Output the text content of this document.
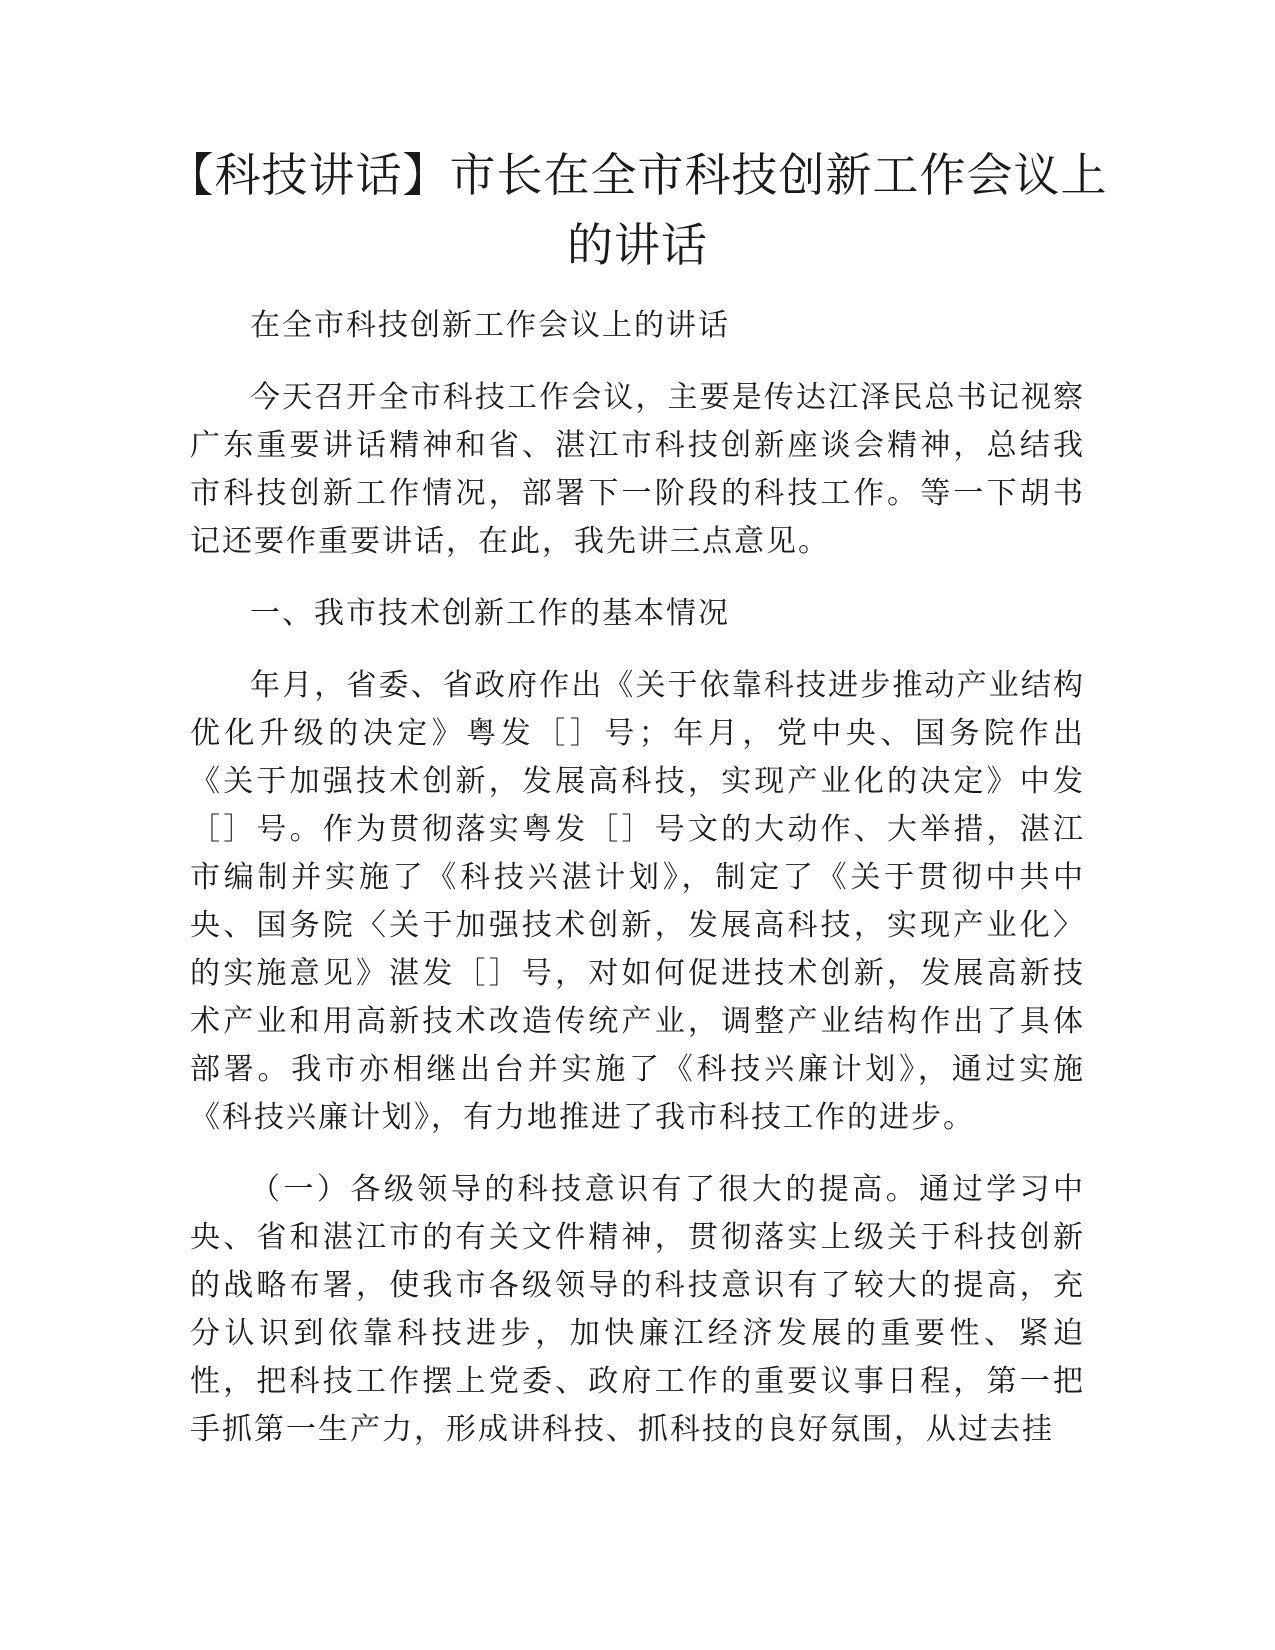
【科技讲话】市长在全市科技创新工作会议上的讲话

在全市科技创新工作会议上的讲话

今天召开全市科技工作会议，主要是传达江泽民总书记视察广东重要讲话精神和省、湛江市科技创新座谈会精神，总结我市科技创新工作情况，部署下一阶段的科技工作。等一下胡书记还要作重要讲话，在此，我先讲三点意见。

一、我市技术创新工作的基本情况

年月，省委、省政府作出《关于依靠科技进步推动产业结构优化升级的决定》粤发［］号；年月，党中央、国务院作出《关于加强技术创新，发展高科技，实现产业化的决定》中发［］号。作为贯彻落实粤发［］号文的大动作、大举措，湛江市编制并实施了《科技兴湛计划》，制定了《关于贯彻中共中央、国务院〈关于加强技术创新，发展高科技，实现产业化〉的实施意见》湛发［］号，对如何促进技术创新，发展高新技术产业和用高新技术改造传统产业，调整产业结构作出了具体部署。我市亦相继出台并实施了《科技兴廉计划》，通过实施《科技兴廉计划》，有力地推进了我市科技工作的进步。

（一）各级领导的科技意识有了很大的提高。通过学习中央、省和湛江市的有关文件精神，贯彻落实上级关于科技创新的战略布署，使我市各级领导的科技意识有了较大的提高，充分认识到依靠科技进步，加快廉江经济发展的重要性、紧迫性，把科技工作摆上党委、政府工作的重要议事日程，第一把手抓第一生产力，形成讲科技、抓科技的良好氛围，从过去挂
